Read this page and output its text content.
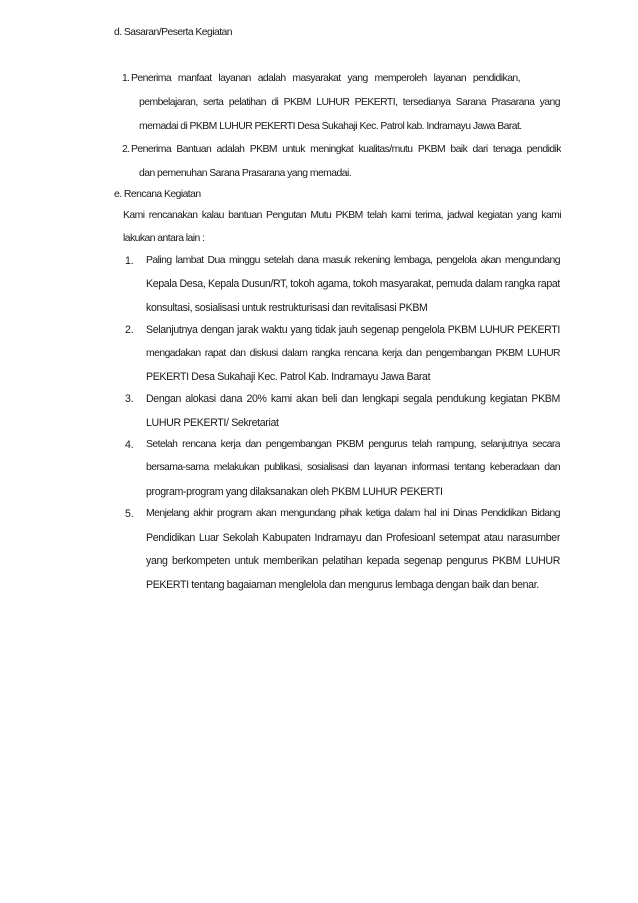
d. Sasaran/Peserta Kegiatan
1. Penerima manfaat layanan adalah masyarakat yang memperoleh layanan pendidikan,
pembelajaran, serta pelatihan di PKBM LUHUR PEKERTI, tersedianya Sarana Prasarana yang
memadai di PKBM LUHUR PEKERTI Desa Sukahaji Kec. Patrol kab. Indramayu Jawa Barat.
2. Penerima Bantuan adalah PKBM untuk meningkat kualitas/mutu PKBM baik dari tenaga pendidik
dan pemenuhan Sarana Prasarana yang memadai.
e. Rencana Kegiatan
Kami rencanakan kalau bantuan Pengutan Mutu PKBM telah kami terima, jadwal kegiatan yang kami
lakukan antara lain :
1. Paling lambat Dua minggu setelah dana masuk rekening lembaga, pengelola akan mengundang
Kepala Desa, Kepala Dusun/RT, tokoh agama, tokoh masyarakat, pemuda dalam rangka rapat
konsultasi, sosialisasi untuk restrukturisasi dan revitalisasi PKBM
2. Selanjutnya dengan jarak waktu yang tidak jauh segenap pengelola PKBM LUHUR PEKERTI
mengadakan rapat dan diskusi dalam rangka rencana kerja dan pengembangan PKBM LUHUR
PEKERTI Desa Sukahaji Kec. Patrol Kab. Indramayu Jawa Barat
3. Dengan alokasi dana 20% kami akan beli dan lengkapi segala pendukung kegiatan PKBM
LUHUR PEKERTI/ Sekretariat
4. Setelah rencana kerja dan pengembangan PKBM pengurus telah rampung, selanjutnya secara
bersama-sama melakukan publikasi, sosialisasi dan layanan informasi tentang keberadaan dan
program-program yang dilaksanakan oleh PKBM LUHUR PEKERTI
5. Menjelang akhir program akan mengundang pihak ketiga dalam hal ini Dinas Pendidikan Bidang
Pendidikan Luar Sekolah Kabupaten Indramayu dan Profesioanl setempat atau narasumber
yang berkompeten untuk memberikan pelatihan kepada segenap pengurus PKBM LUHUR
PEKERTI tentang bagaiaman menglelola dan mengurus lembaga dengan baik dan benar.
